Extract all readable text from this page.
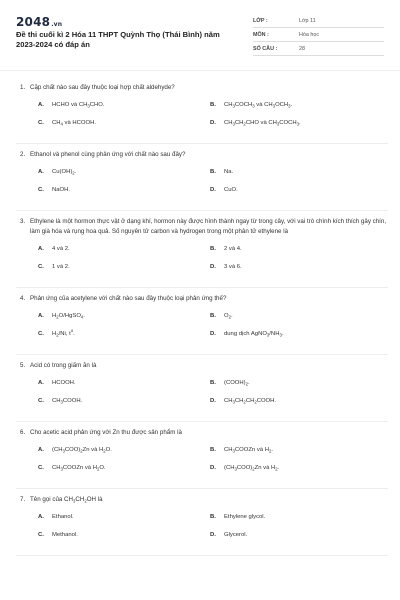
2048.vn
Đề thi cuối kì 2 Hóa 11 THPT Quỳnh Thọ (Thái Bình) năm 2023-2024 có đáp án
LỚP :	Lớp 11
MÔN :	Hóa học
SỐ CÂU :	28
1. Cặp chất nào sau đây thuộc loại hợp chất aldehyde?
A. HCHO và $CH_3CHO$.	B. $CH_3COCH_3$ và $CH_3OCH_3$.
C. $CH_4$ và HCOOH.	D. $CH_3CH_2CHO$ và $CH_3COCH_3$.
2. Ethanol và phenol cùng phản ứng với chất nào sau đây?
A. $Cu(OH)_2$.	B. Na.
C. NaOH.	D. CuO.
3. Ethylene là một hormon thực vật ở dạng khí, hormon này được hình thành ngay từ trong cây, với vai trò chính kích thích gây chín, làm già hóa và rụng hoa quả. Số nguyên tử carbon và hydrogen trong một phân tử ethylene là
A. 4 và 2.	B. 2 và 4.
C. 1 và 2.	D. 3 và 6.
4. Phản ứng của acetylene với chất nào sau đây thuộc loại phản ứng thế?
A. $H_2O/HgSO_4$.	B. $O_2$.
C. $H_2/Ni$, $t^o$.	D. dung dịch $AgNO_3/NH_3$.
5. Acid có trong giấm ăn là
A. HCOOH.	B. $(COOH)_2$.
C. $CH_3COOH$.	D. $CH_3CH_2CH_2COOH$.
6. Cho acetic acid phản ứng với Zn thu được sản phẩm là
A. $(CH_3COO)_2Zn$ và $H_2O$.	B. $CH_3COOZn$ và $H_2$.
C. $CH_3COOZn$ và $H_2O$.	D. $(CH_3COO)_2Zn$ và $H_2$.
7. Tên gọi của $CH_3CH_2OH$ là
A. Ethanol.	B. Ethylene glycol.
C. Methanol.	D. Glycerol.
